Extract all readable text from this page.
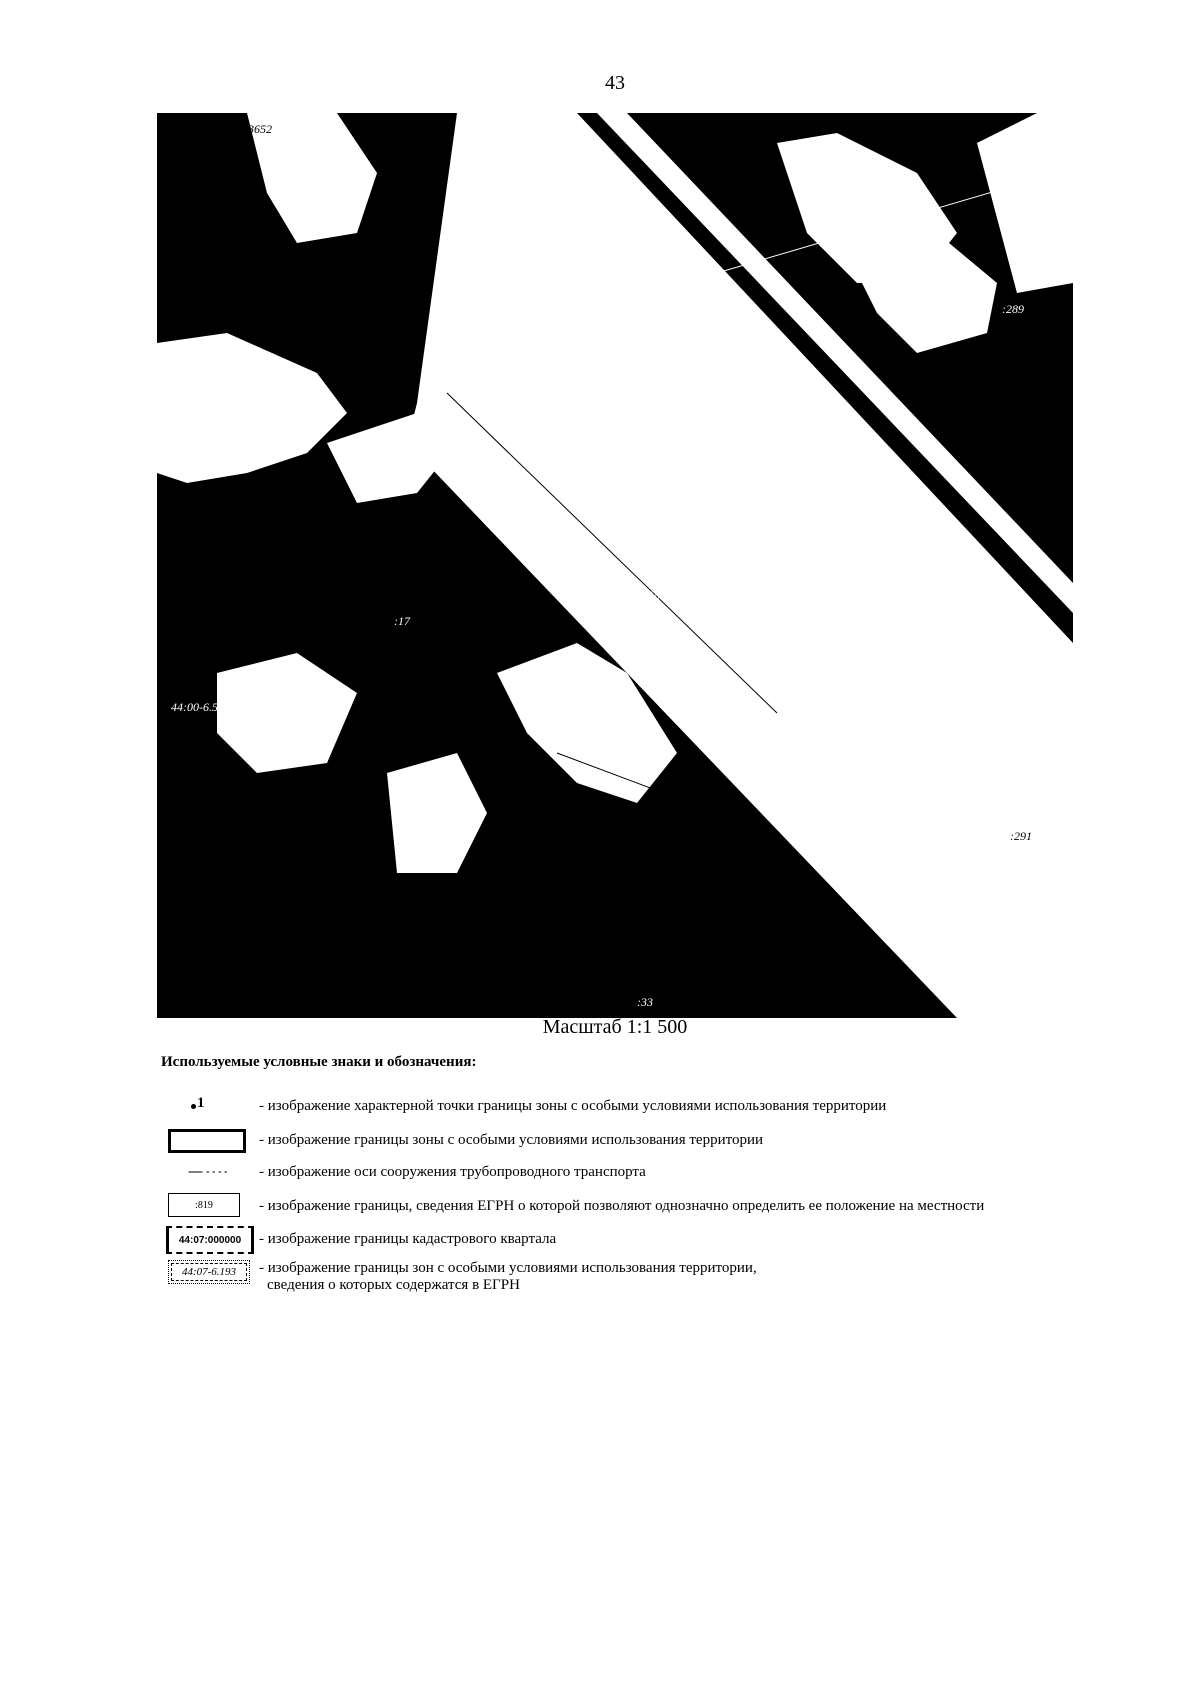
43
-6.537
44:07-6.3652
:71
:289
3
4
2 44:00-6.584
1
44:07-6.1918
44:07-6.3875
:72
:17
44:00-6.536
44:07-6.3486
:34
:291
:33
Масштаб 1:1 500
Используемые условные знаки и обозначения:
1	- изображение характерной точки границы зоны с особыми условиями использования территории
- изображение границы зоны с особыми условиями использования территории
- изображение оси сооружения трубопроводного транспорта
:819	- изображение границы, сведения ЕГРН о которой позволяют однозначно определить ее положение на местности
44:07:000000	- изображение границы кадастрового квартала
44:07-6.193	- изображение границы зон с особыми условиями использования территории,
сведения о которых содержатся в ЕГРН
